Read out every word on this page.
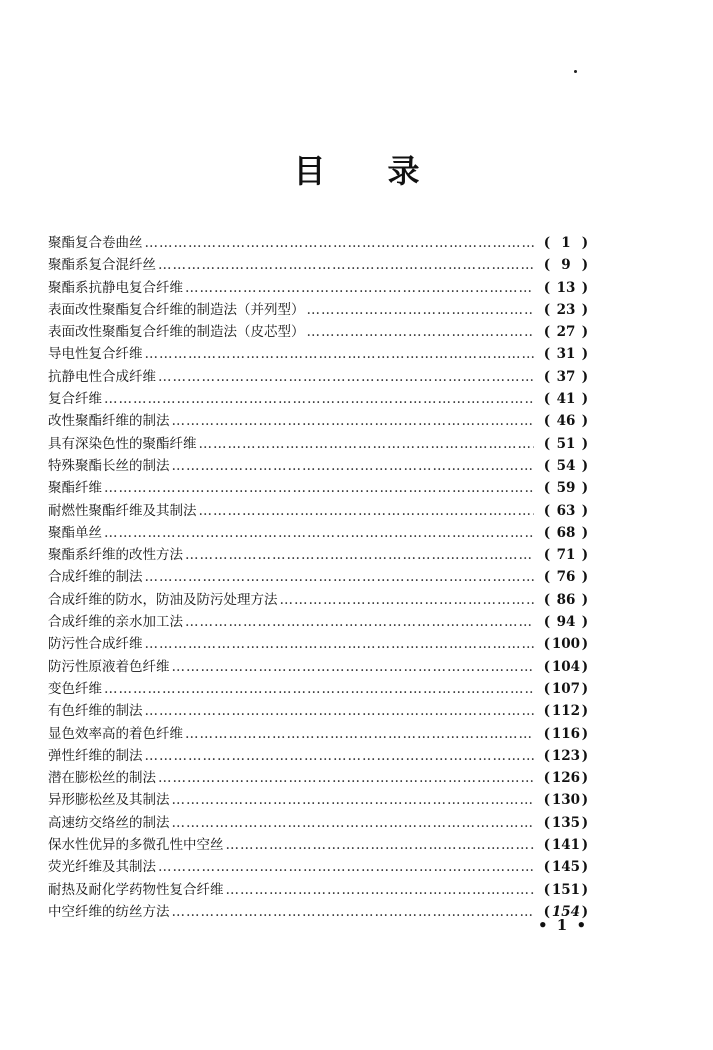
目 录
聚酯复合卷曲丝 ………………………………………………………………………………………………………………………………………………………………………………………………………………	( 1 )
聚酯系复合混纤丝 ………………………………………………………………………………………………………………………………………………………………………………………………………………	( 9 )
聚酯系抗静电复合纤维 ………………………………………………………………………………………………………………………………………………………………………………………………………………	( 13 )
表面改性聚酯复合纤维的制造法（并列型） ………………………………………………………………………………………………………………………………………………………………………………………………………………	( 23 )
表面改性聚酯复合纤维的制造法（皮芯型） ………………………………………………………………………………………………………………………………………………………………………………………………………………	( 27 )
导电性复合纤维 ………………………………………………………………………………………………………………………………………………………………………………………………………………	( 31 )
抗静电性合成纤维 ………………………………………………………………………………………………………………………………………………………………………………………………………………	( 37 )
复合纤维 ………………………………………………………………………………………………………………………………………………………………………………………………………………	( 41 )
改性聚酯纤维的制法 ………………………………………………………………………………………………………………………………………………………………………………………………………………	( 46 )
具有深染色性的聚酯纤维 ………………………………………………………………………………………………………………………………………………………………………………………………………………	( 51 )
特殊聚酯长丝的制法 ………………………………………………………………………………………………………………………………………………………………………………………………………………	( 54 )
聚酯纤维 ………………………………………………………………………………………………………………………………………………………………………………………………………………	( 59 )
耐燃性聚酯纤维及其制法 ………………………………………………………………………………………………………………………………………………………………………………………………………………	( 63 )
聚酯单丝 ………………………………………………………………………………………………………………………………………………………………………………………………………………	( 68 )
聚酯系纤维的改性方法 ………………………………………………………………………………………………………………………………………………………………………………………………………………	( 71 )
合成纤维的制法 ………………………………………………………………………………………………………………………………………………………………………………………………………………	( 76 )
合成纤维的防水，防油及防污处理方法 ………………………………………………………………………………………………………………………………………………………………………………………………………………	( 86 )
合成纤维的亲水加工法 ………………………………………………………………………………………………………………………………………………………………………………………………………………	( 94 )
防污性合成纤维 ………………………………………………………………………………………………………………………………………………………………………………………………………………	( 100 )
防污性原液着色纤维 ………………………………………………………………………………………………………………………………………………………………………………………………………………	( 104 )
变色纤维 ………………………………………………………………………………………………………………………………………………………………………………………………………………	( 107 )
有色纤维的制法 ………………………………………………………………………………………………………………………………………………………………………………………………………………	( 112 )
显色效率高的着色纤维 ………………………………………………………………………………………………………………………………………………………………………………………………………………	( 116 )
弹性纤维的制法 ………………………………………………………………………………………………………………………………………………………………………………………………………………	( 123 )
潜在膨松丝的制法 ………………………………………………………………………………………………………………………………………………………………………………………………………………	( 126 )
异形膨松丝及其制法 ………………………………………………………………………………………………………………………………………………………………………………………………………………	( 130 )
高速纺交络丝的制法 ………………………………………………………………………………………………………………………………………………………………………………………………………………	( 135 )
保水性优异的多微孔性中空丝 ………………………………………………………………………………………………………………………………………………………………………………………………………………	( 141 )
荧光纤维及其制法 ………………………………………………………………………………………………………………………………………………………………………………………………………………	( 145 )
耐热及耐化学药物性复合纤维 ………………………………………………………………………………………………………………………………………………………………………………………………………………	( 151 )
中空纤维的纺丝方法 ………………………………………………………………………………………………………………………………………………………………………………………………………………	( 154 )
• 1 •
